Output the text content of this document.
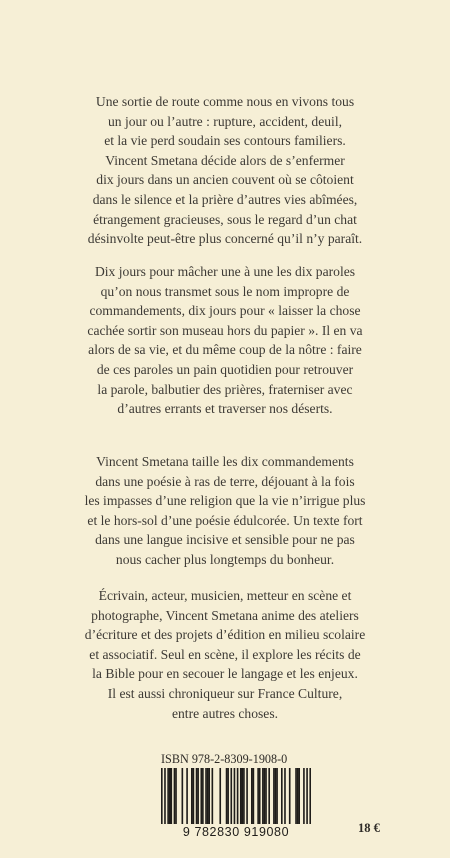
Une sortie de route comme nous en vivons tous
un jour ou l’autre : rupture, accident, deuil,
et la vie perd soudain ses contours familiers.
Vincent Smetana décide alors de s’enfermer
dix jours dans un ancien couvent où se côtoient
dans le silence et la prière d’autres vies abîmées,
étrangement gracieuses, sous le regard d’un chat
désinvolte peut-être plus concerné qu’il n’y paraît.

Dix jours pour mâcher une à une les dix paroles
qu’on nous transmet sous le nom impropre de
commandements, dix jours pour « laisser la chose
cachée sortir son museau hors du papier ». Il en va
alors de sa vie, et du même coup de la nôtre : faire
de ces paroles un pain quotidien pour retrouver
la parole, balbutier des prières, fraterniser avec
d’autres errants et traverser nos déserts.

Vincent Smetana taille les dix commandements
dans une poésie à ras de terre, déjouant à la fois
les impasses d’une religion que la vie n’irrigue plus
et le hors-sol d’une poésie édulcorée. Un texte fort
dans une langue incisive et sensible pour ne pas
nous cacher plus longtemps du bonheur.

Écrivain, acteur, musicien, metteur en scène et
photographe, Vincent Smetana anime des ateliers
d’écriture et des projets d’édition en milieu scolaire
et associatif. Seul en scène, il explore les récits de
la Bible pour en secouer le langage et les enjeux.
Il est aussi chroniqueur sur France Culture,
entre autres choses.

ISBN 978-2-8309-1908-0
9 782830 919080	18 €
